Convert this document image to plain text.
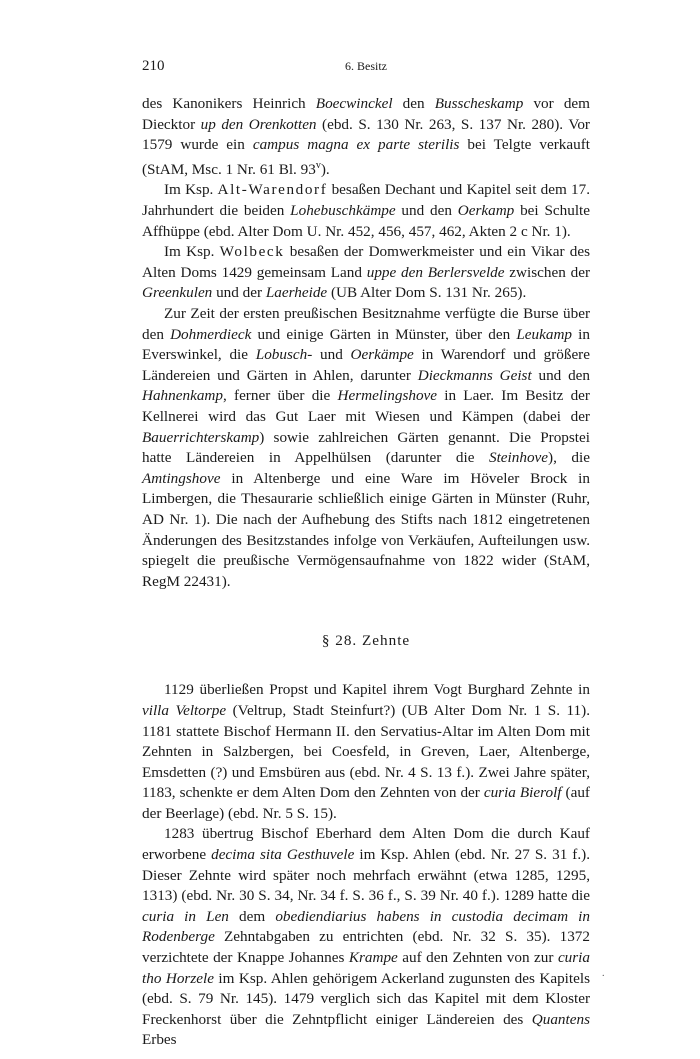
210	6. Besitz

des Kanonikers Heinrich Boecwinckel den Busscheskamp vor dem Diecktor up den Orenkotten (ebd. S. 130 Nr. 263, S. 137 Nr. 280). Vor 1579 wurde ein campus magna ex parte sterilis bei Telgte verkauft (StAM, Msc. 1 Nr. 61 Bl. 93$^v$).

Im Ksp. Alt-Warendorf besaßen Dechant und Kapitel seit dem 17. Jahrhundert die beiden Lohebuschkämpe und den Oerkamp bei Schulte Affhüppe (ebd. Alter Dom U. Nr. 452, 456, 457, 462, Akten 2 c Nr. 1).

Im Ksp. Wolbeck besaßen der Domwerkmeister und ein Vikar des Alten Doms 1429 gemeinsam Land uppe den Berlersvelde zwischen der Greenkulen und der Laerheide (UB Alter Dom S. 131 Nr. 265).

Zur Zeit der ersten preußischen Besitznahme verfügte die Burse über den Dohmerdieck und einige Gärten in Münster, über den Leukamp in Everswinkel, die Lobusch- und Oerkämpe in Warendorf und größere Ländereien und Gärten in Ahlen, darunter Dieckmanns Geist und den Hahnenkamp, ferner über die Hermelingshove in Laer. Im Besitz der Kellnerei wird das Gut Laer mit Wiesen und Kämpen (dabei der Bauerrichterskamp) sowie zahlreichen Gärten genannt. Die Propstei hatte Ländereien in Appelhülsen (darunter die Steinhove), die Amtingshove in Altenberge und eine Ware im Höveler Brock in Limbergen, die Thesaurarie schließlich einige Gärten in Münster (Ruhr, AD Nr. 1). Die nach der Aufhebung des Stifts nach 1812 eingetretenen Änderungen des Besitzstandes infolge von Verkäufen, Aufteilungen usw. spiegelt die preußische Vermögensaufnahme von 1822 wider (StAM, RegM 22431).

§ 28. Zehnte

1129 überließen Propst und Kapitel ihrem Vogt Burghard Zehnte in villa Veltorpe (Veltrup, Stadt Steinfurt?) (UB Alter Dom Nr. 1 S. 11). 1181 stattete Bischof Hermann II. den Servatius-Altar im Alten Dom mit Zehnten in Salzbergen, bei Coesfeld, in Greven, Laer, Altenberge, Emsdetten (?) und Emsbüren aus (ebd. Nr. 4 S. 13 f.). Zwei Jahre später, 1183, schenkte er dem Alten Dom den Zehnten von der curia Bierolf (auf der Beerlage) (ebd. Nr. 5 S. 15).

1283 übertrug Bischof Eberhard dem Alten Dom die durch Kauf erworbene decima sita Gesthuvele im Ksp. Ahlen (ebd. Nr. 27 S. 31 f.). Dieser Zehnte wird später noch mehrfach erwähnt (etwa 1285, 1295, 1313) (ebd. Nr. 30 S. 34, Nr. 34 f. S. 36 f., S. 39 Nr. 40 f.). 1289 hatte die curia in Len dem obediendiarius habens in custodia decimam in Rodenberge Zehntabgaben zu entrichten (ebd. Nr. 32 S. 35). 1372 verzichtete der Knappe Johannes Krampe auf den Zehnten von zur curia tho Horzele im Ksp. Ahlen gehörigem Ackerland zugunsten des Kapitels (ebd. S. 79 Nr. 145). 1479 verglich sich das Kapitel mit dem Kloster Freckenhorst über die Zehntpflicht einiger Ländereien des Quantens Erbes

.
